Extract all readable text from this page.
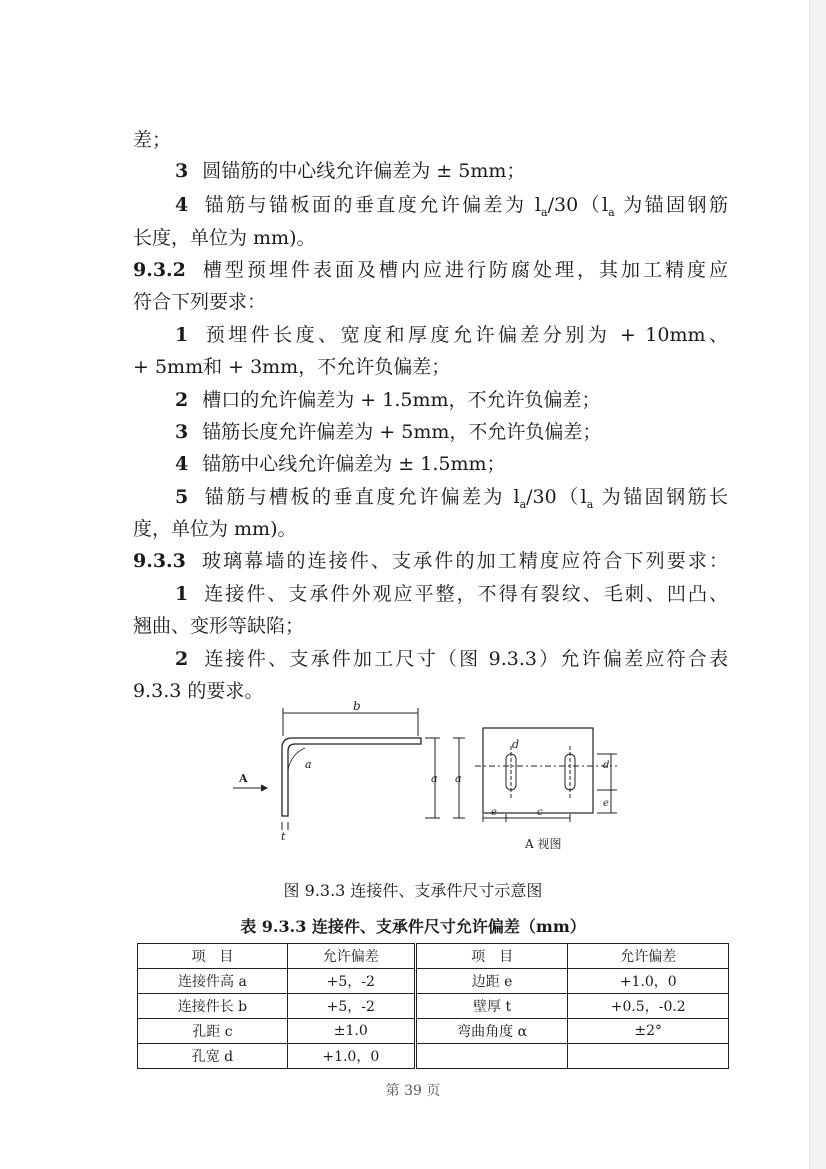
差；
3 圆锚筋的中心线允许偏差为 ± 5mm；
4 锚筋与锚板面的垂直度允许偏差为 $l_a/30(l_a$ 为锚固钢筋
长度，单位为 mm)。
9.3.2 槽型预埋件表面及槽内应进行防腐处理，其加工精度应
符合下列要求：
1 预埋件长度、宽度和厚度允许偏差分别为 + 10mm、
+ 5mm和 + 3mm，不允许负偏差；
2 槽口的允许偏差为 + 1.5mm，不允许负偏差；
3 锚筋长度允许偏差为 + 5mm，不允许负偏差；
4 锚筋中心线允许偏差为 ± 1.5mm；
5 锚筋与槽板的垂直度允许偏差为 $l_a/30(l_a$ 为锚固钢筋长
度，单位为 mm)。
9.3.3 玻璃幕墙的连接件、支承件的加工精度应符合下列要求：
1 连接件、支承件外观应平整，不得有裂纹、毛刺、凹凸、
翘曲、变形等缺陷；
2 连接件、支承件加工尺寸（图 9.3.3）允许偏差应符合表
9.3.3 的要求。
b
a
A
t
a a
d
e	c
d
e
A 视图
图 9.3.3 连接件、支承件尺寸示意图
表 9.3.3 连接件、支承件尺寸允许偏差（mm）
项　目	允许偏差	项　目	允许偏差
连接件高 a	+5，-2	边距 e	+1.0，0
连接件长 b	+5，-2	壁厚 t	+0.5，-0.2
孔距 c	±1.0	弯曲角度 α	±2°
孔宽 d	+1.0，0		
第 39 页
